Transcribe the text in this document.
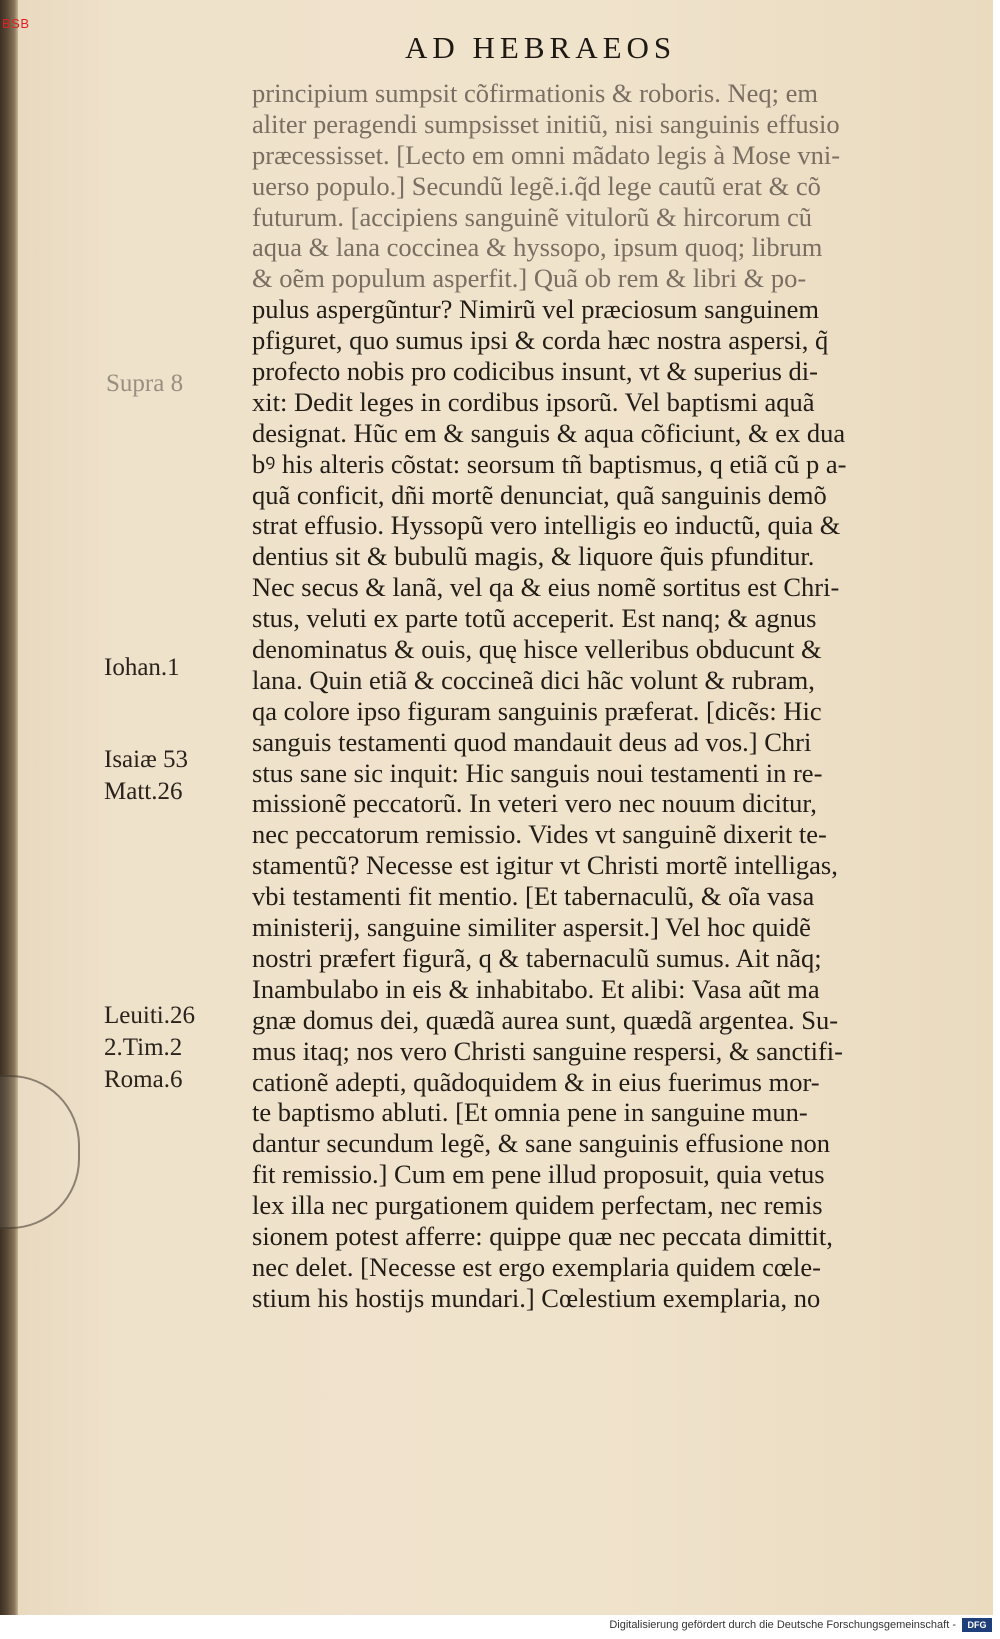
BSB
AD HEBRAEOS
Supra 8
Iohan.1
Isaiæ 53
Matt.26
Leuiti.26
2.Tim.2
Roma.6
principium sumpsit cõfirmationis & roboris. Neq; em
aliter peragendi sumpsisset initiũ, nisi sanguinis effusio
præcessisset. [Lecto em omni mãdato legis à Mose vni-
uerso populo.] Secundũ legẽ.i.q̃d lege cautũ erat & cõ
futurum. [accipiens sanguinẽ vitulorũ & hircorum cũ
aqua & lana coccinea & hyssopo, ipsum quoq; librum
& oẽm populum asperfit.] Quã ob rem & libri & po-
pulus aspergũntur? Nimirũ vel præciosum sanguinem
pfiguret, quo sumus ipsi & corda hæc nostra aspersi, q̃
profecto nobis pro codicibus insunt, vt & superius di-
xit: Dedit leges in cordibus ipsorũ. Vel baptismi aquã
designat. Hũc em & sanguis & aqua cõficiunt, & ex dua
bꝰ his alteris cõstat: seorsum tñ baptismus, q etiã cũ p a-
quã conficit, dñi mortẽ denunciat, quã sanguinis demõ
strat effusio. Hyssopũ vero intelligis eo inductũ, quia &
dentius sit & bubulũ magis, & liquore q̃uis pfunditur.
Nec secus & lanã, vel qa & eius nomẽ sortitus est Chri-
stus, veluti ex parte totũ acceperit. Est nanq; & agnus
denominatus & ouis, quę hisce velleribus obducunt &
lana. Quin etiã & coccineã dici hãc volunt & rubram,
qa colore ipso figuram sanguinis præferat. [dicẽs: Hic
sanguis testamenti quod mandauit deus ad vos.] Chri
stus sane sic inquit: Hic sanguis noui testamenti in re-
missionẽ peccatorũ. In veteri vero nec nouum dicitur,
nec peccatorum remissio. Vides vt sanguinẽ dixerit te-
stamentũ? Necesse est igitur vt Christi mortẽ intelligas,
vbi testamenti fit mentio. [Et tabernaculũ, & oĩa vasa
ministerij, sanguine similiter aspersit.] Vel hoc quidẽ
nostri præfert figurã, q & tabernaculũ sumus. Ait nãq;
Inambulabo in eis & inhabitabo. Et alibi: Vasa aũt ma
gnæ domus dei, quædã aurea sunt, quædã argentea. Su-
mus itaq; nos vero Christi sanguine respersi, & sanctifi-
cationẽ adepti, quãdoquidem & in eius fuerimus mor-
te baptismo abluti. [Et omnia pene in sanguine mun-
dantur secundum legẽ, & sane sanguinis effusione non
fit remissio.] Cum em pene illud proposuit, quia vetus
lex illa nec purgationem quidem perfectam, nec remis
sionem potest afferre: quippe quæ nec peccata dimittit,
nec delet. [Necesse est ergo exemplaria quidem cœle-
stium his hostijs mundari.] Cœlestium exemplaria, no
Digitalisierung gefördert durch die Deutsche Forschungsgemeinschaft -	DFG
